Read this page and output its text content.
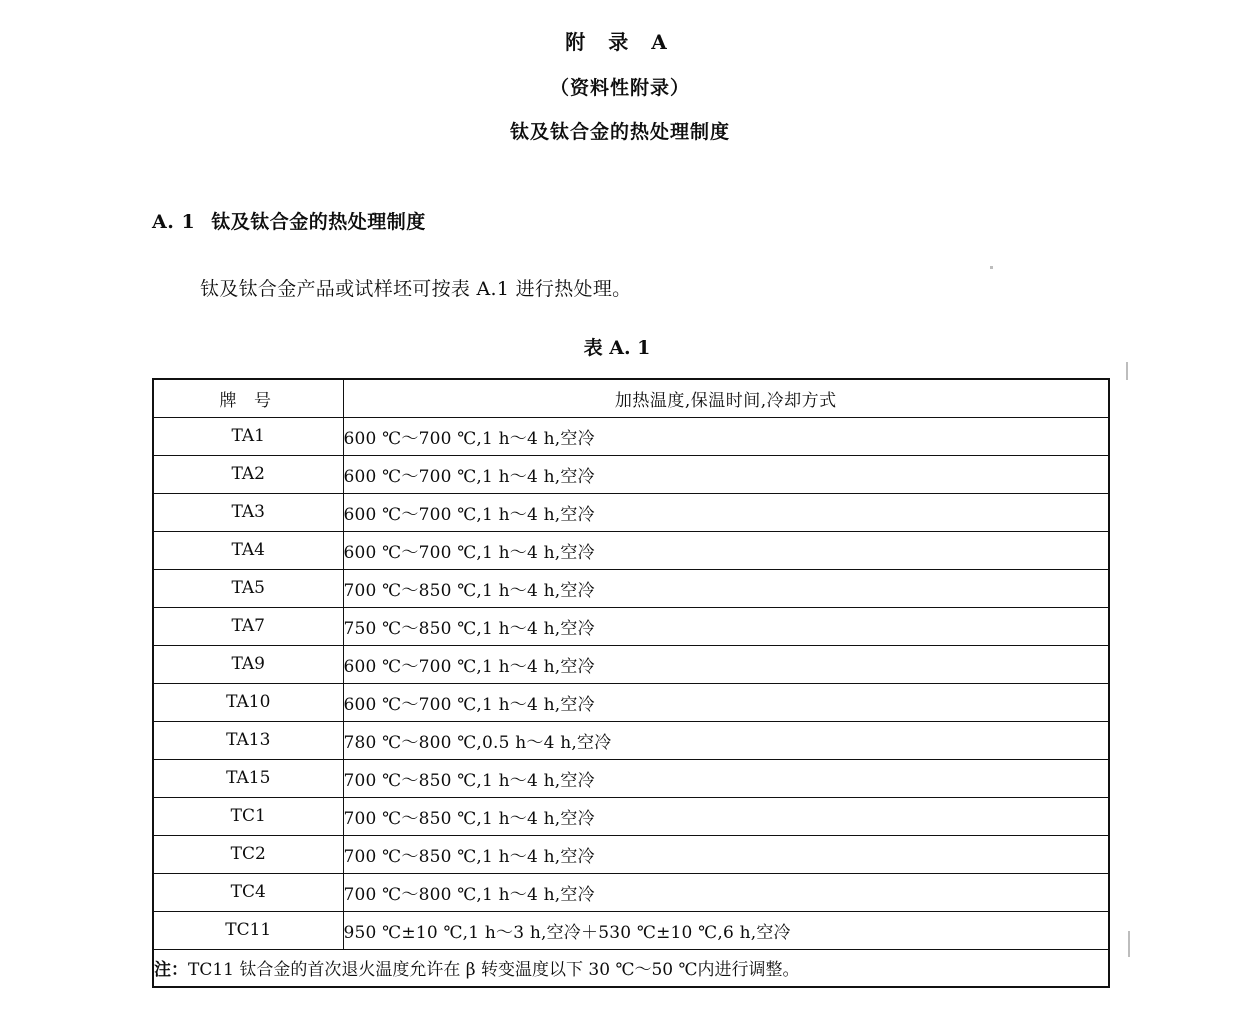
附 录 A
（资料性附录）
钛及钛合金的热处理制度
A. 1 钛及钛合金的热处理制度
钛及钛合金产品或试样坯可按表 A.1 进行热处理。
表 A. 1
牌 号	加热温度,保温时间,冷却方式
TA1	600 ℃～700 ℃,1 h～4 h,空冷
TA2	600 ℃～700 ℃,1 h～4 h,空冷
TA3	600 ℃～700 ℃,1 h～4 h,空冷
TA4	600 ℃～700 ℃,1 h～4 h,空冷
TA5	700 ℃～850 ℃,1 h～4 h,空冷
TA7	750 ℃～850 ℃,1 h～4 h,空冷
TA9	600 ℃～700 ℃,1 h～4 h,空冷
TA10	600 ℃～700 ℃,1 h～4 h,空冷
TA13	780 ℃～800 ℃,0.5 h～4 h,空冷
TA15	700 ℃～850 ℃,1 h～4 h,空冷
TC1	700 ℃～850 ℃,1 h～4 h,空冷
TC2	700 ℃～850 ℃,1 h～4 h,空冷
TC4	700 ℃～800 ℃,1 h～4 h,空冷
TC11	950 ℃±10 ℃,1 h～3 h,空冷＋530 ℃±10 ℃,6 h,空冷
注：TC11 钛合金的首次退火温度允许在 β 转变温度以下 30 ℃～50 ℃内进行调整。	
